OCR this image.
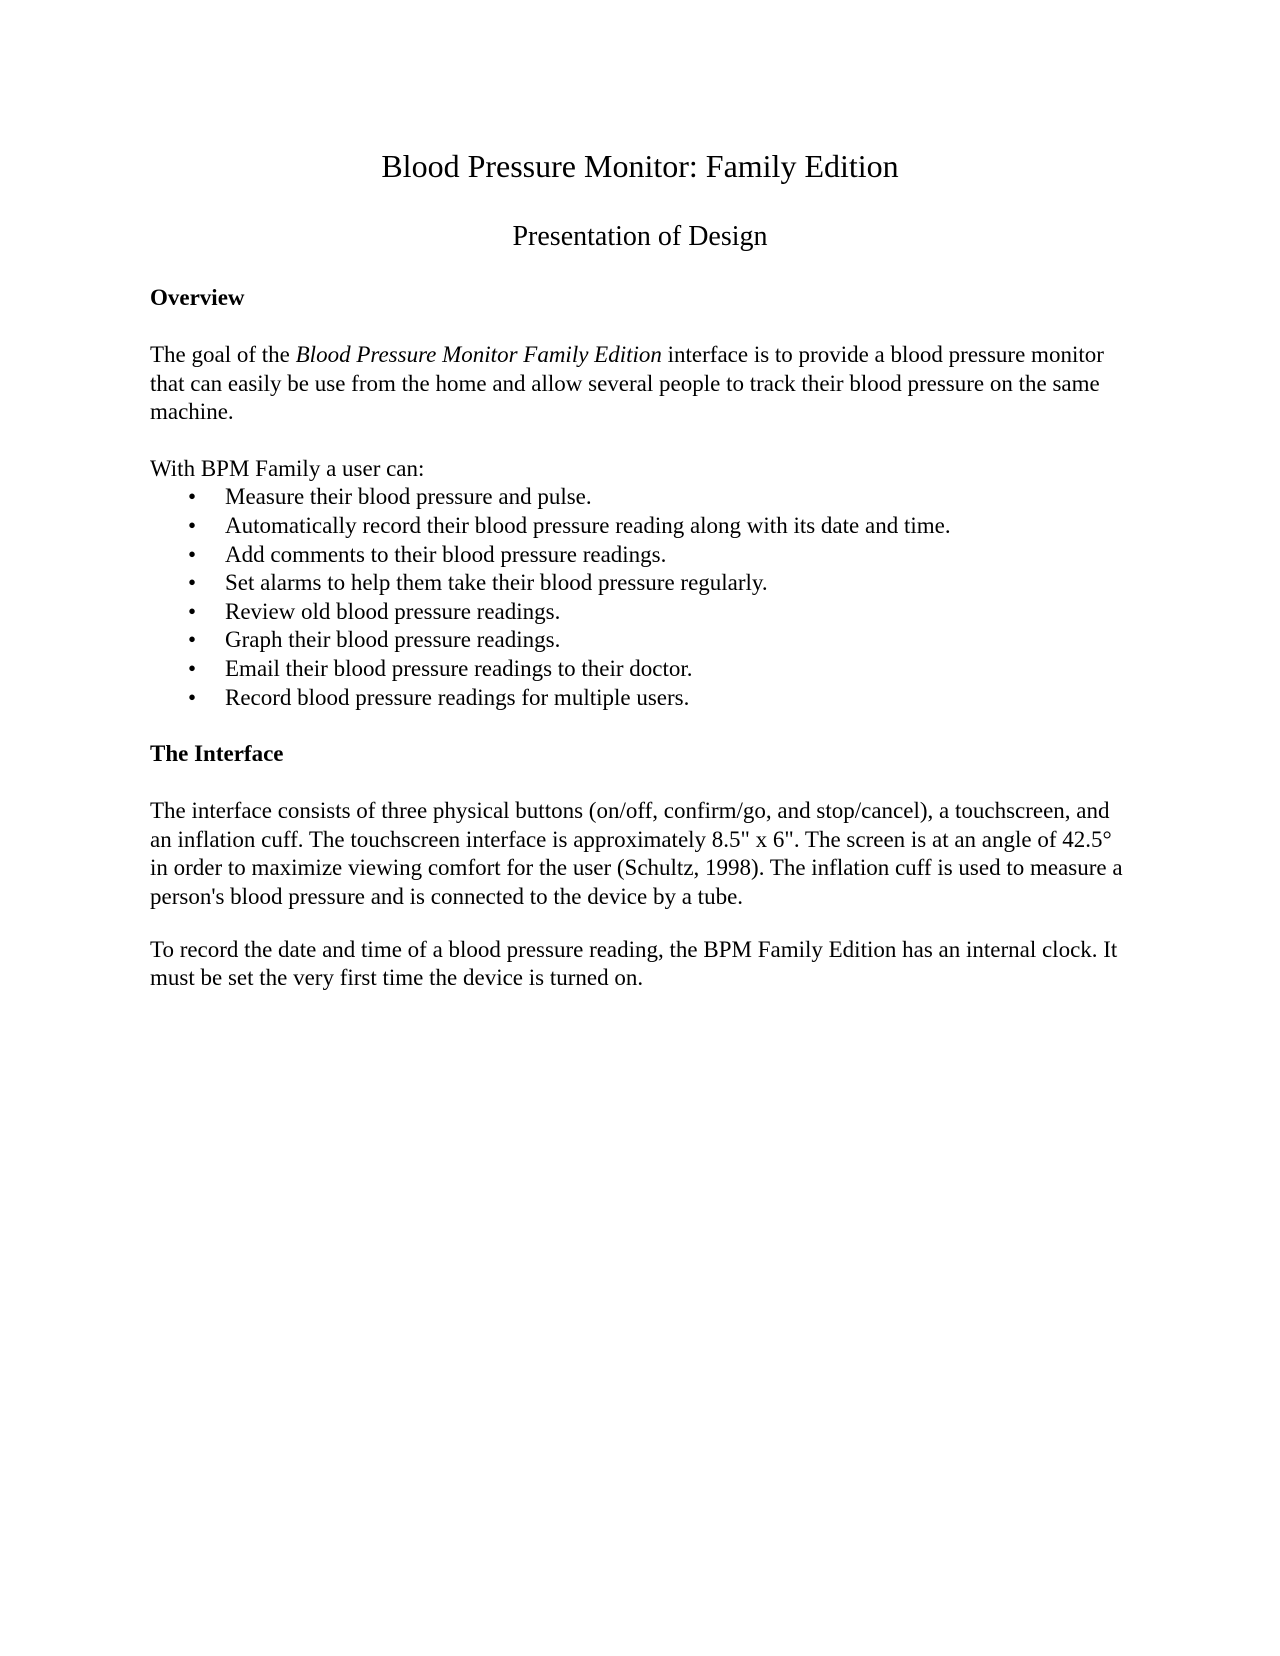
Blood Pressure Monitor: Family Edition
Presentation of Design

Overview

The goal of the Blood Pressure Monitor Family Edition interface is to provide a blood pressure monitor that can easily be use from the home and allow several people to track their blood pressure on the same machine.

With BPM Family a user can:

• Measure their blood pressure and pulse.
• Automatically record their blood pressure reading along with its date and time.
• Add comments to their blood pressure readings.
• Set alarms to help them take their blood pressure regularly.
• Review old blood pressure readings.
• Graph their blood pressure readings.
• Email their blood pressure readings to their doctor.
• Record blood pressure readings for multiple users.

The Interface

The interface consists of three physical buttons (on/off, confirm/go, and stop/cancel), a touchscreen, and an inflation cuff. The touchscreen interface is approximately 8.5" x 6". The screen is at an angle of 42.5° in order to maximize viewing comfort for the user (Schultz, 1998). The inflation cuff is used to measure a person's blood pressure and is connected to the device by a tube.

To record the date and time of a blood pressure reading, the BPM Family Edition has an internal clock. It must be set the very first time the device is turned on.
